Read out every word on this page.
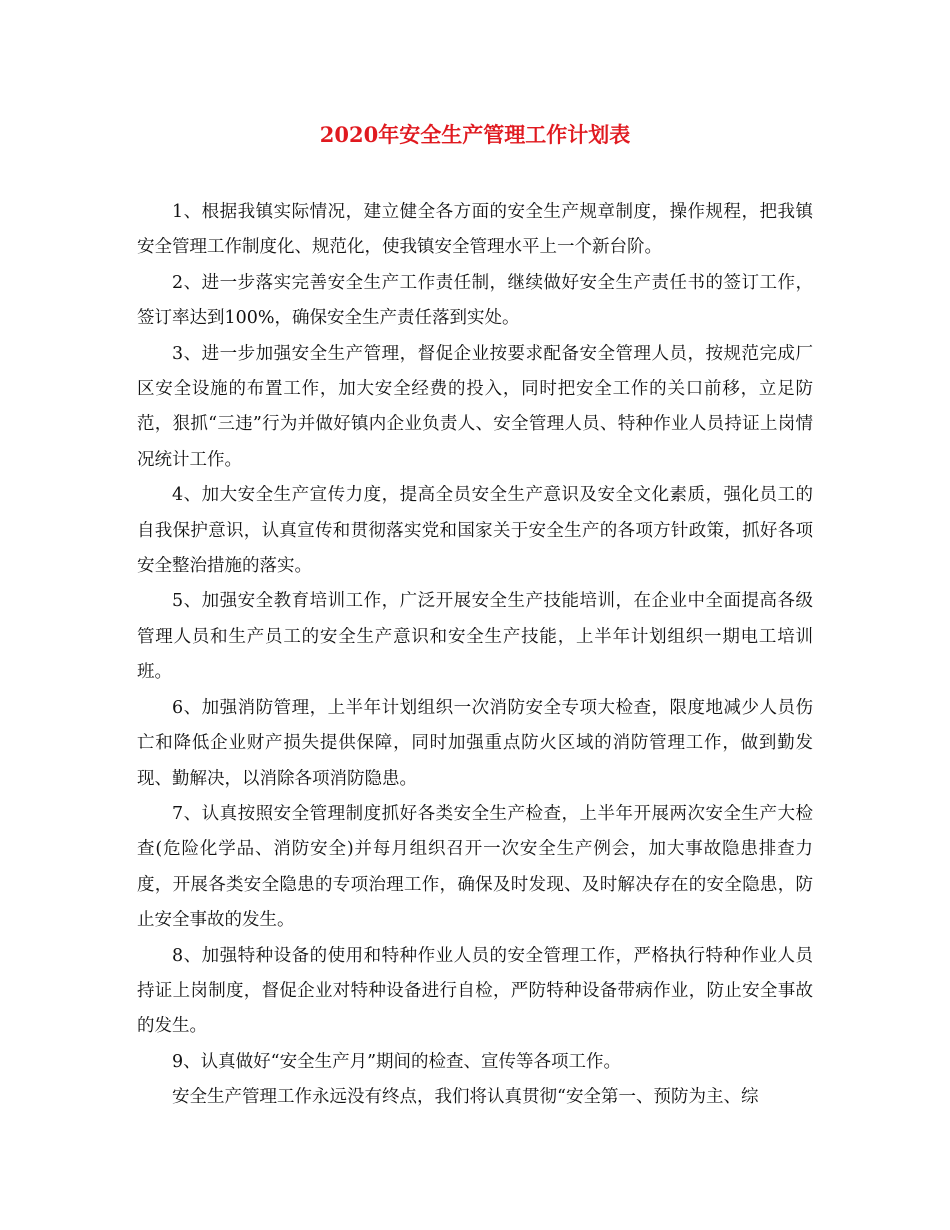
2020年安全生产管理工作计划表

1、根据我镇实际情况，建立健全各方面的安全生产规章制度，操作规程，把我镇安全管理工作制度化、规范化，使我镇安全管理水平上一个新台阶。

2、进一步落实完善安全生产工作责任制，继续做好安全生产责任书的签订工作，签订率达到100%，确保安全生产责任落到实处。

3、进一步加强安全生产管理，督促企业按要求配备安全管理人员，按规范完成厂区安全设施的布置工作，加大安全经费的投入，同时把安全工作的关口前移，立足防范，狠抓“三违”行为并做好镇内企业负责人、安全管理人员、特种作业人员持证上岗情况统计工作。

4、加大安全生产宣传力度，提高全员安全生产意识及安全文化素质，强化员工的自我保护意识，认真宣传和贯彻落实党和国家关于安全生产的各项方针政策，抓好各项安全整治措施的落实。

5、加强安全教育培训工作，广泛开展安全生产技能培训，在企业中全面提高各级管理人员和生产员工的安全生产意识和安全生产技能，上半年计划组织一期电工培训班。

6、加强消防管理，上半年计划组织一次消防安全专项大检查，限度地减少人员伤亡和降低企业财产损失提供保障，同时加强重点防火区域的消防管理工作，做到勤发现、勤解决，以消除各项消防隐患。

7、认真按照安全管理制度抓好各类安全生产检查，上半年开展两次安全生产大检查(危险化学品、消防安全)并每月组织召开一次安全生产例会，加大事故隐患排查力度，开展各类安全隐患的专项治理工作，确保及时发现、及时解决存在的安全隐患，防止安全事故的发生。

8、加强特种设备的使用和特种作业人员的安全管理工作，严格执行特种作业人员持证上岗制度，督促企业对特种设备进行自检，严防特种设备带病作业，防止安全事故的发生。

9、认真做好“安全生产月”期间的检查、宣传等各项工作。

安全生产管理工作永远没有终点，我们将认真贯彻“安全第一、预防为主、综
